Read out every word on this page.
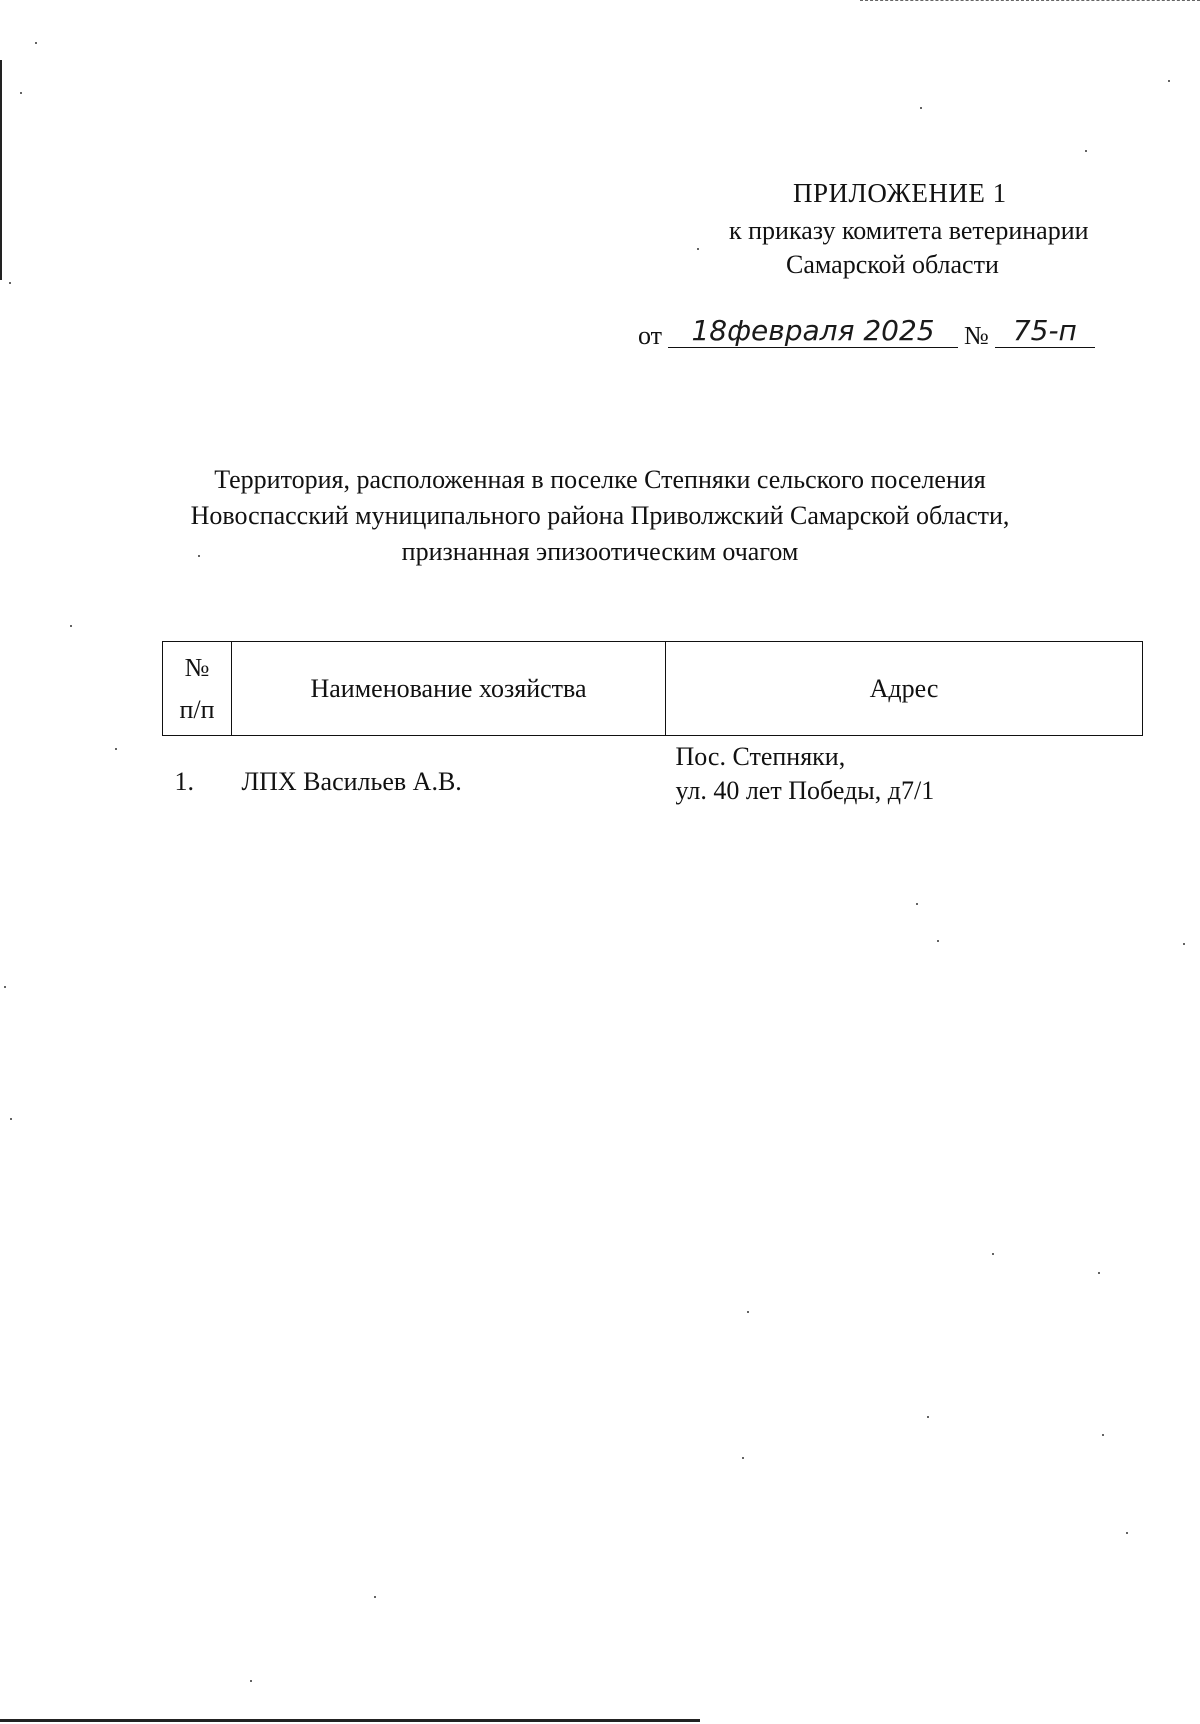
ПРИЛОЖЕНИЕ 1
к приказу комитета ветеринарии
Самарской области
от 18февраля 2025 № 75-п
Территория, расположенная в поселке Степняки сельского поселения
Новоспасский муниципального района Приволжский Самарской области,
признанная эпизоотическим очагом
№
п/п	Наименование хозяйства	Адрес
1.	ЛПХ Васильев А.В.	Пос. Степняки,
ул. 40 лет Победы, д7/1
